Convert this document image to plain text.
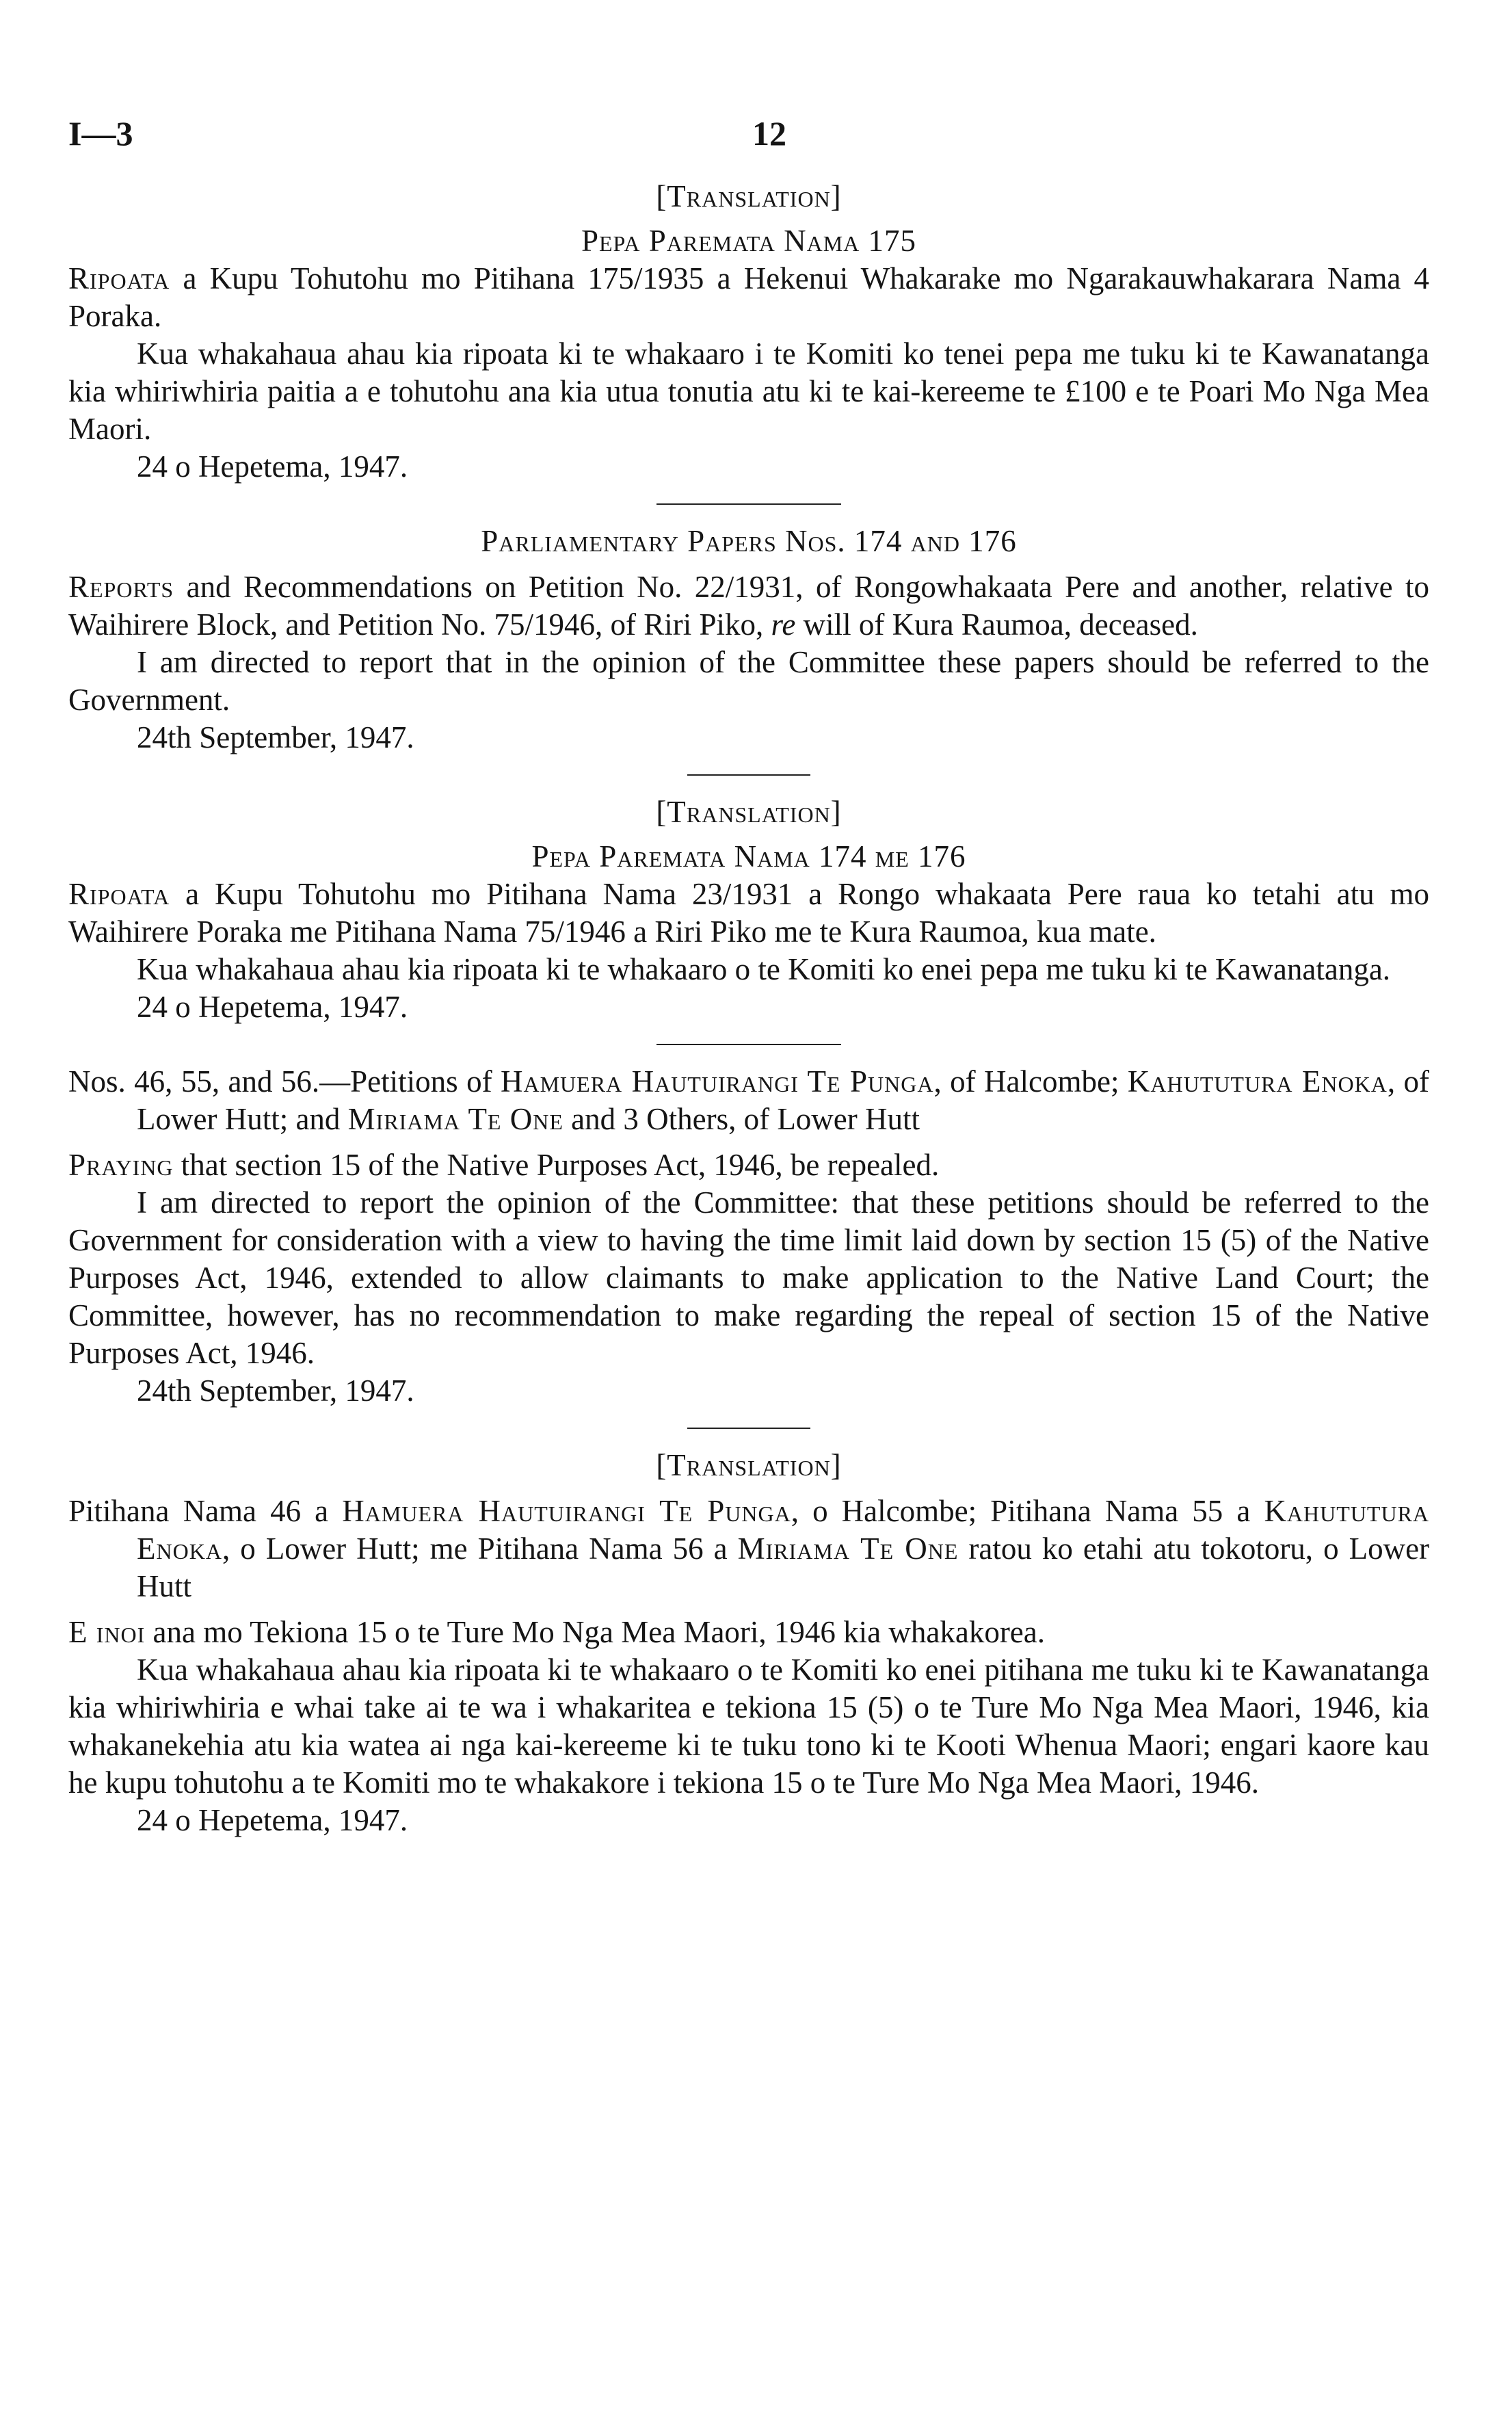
I—3	12
[Translation]
Pepa Paremata Nama 175

Ripoata a Kupu Tohutohu mo Pitihana 175/1935 a Hekenui Whakarake mo Ngarakauwhakarara Nama 4 Poraka.

Kua whakahaua ahau kia ripoata ki te whakaaro i te Komiti ko tenei pepa me tuku ki te Kawanatanga kia whiriwhiria paitia a e tohutohu ana kia utua tonutia atu ki te kai-kereeme te £100 e te Poari Mo Nga Mea Maori.

24 o Hepetema, 1947.

Parliamentary Papers Nos. 174 and 176

Reports and Recommendations on Petition No. 22/1931, of Rongowhakaata Pere and another, relative to Waihirere Block, and Petition No. 75/1946, of Riri Piko, re will of Kura Raumoa, deceased.

I am directed to report that in the opinion of the Committee these papers should be referred to the Government.

24th September, 1947.

[Translation]
Pepa Paremata Nama 174 me 176

Ripoata a Kupu Tohutohu mo Pitihana Nama 23/1931 a Rongo whakaata Pere raua ko tetahi atu mo Waihirere Poraka me Pitihana Nama 75/1946 a Riri Piko me te Kura Raumoa, kua mate.

Kua whakahaua ahau kia ripoata ki te whakaaro o te Komiti ko enei pepa me tuku ki te Kawanatanga.

24 o Hepetema, 1947.

Nos. 46, 55, and 56.—Petitions of Hamuera Hautuirangi Te Punga, of Halcombe; Kahututura Enoka, of Lower Hutt; and Miriama Te One and 3 Others, of Lower Hutt

Praying that section 15 of the Native Purposes Act, 1946, be repealed.

I am directed to report the opinion of the Committee: that these petitions should be referred to the Government for consideration with a view to having the time limit laid down by section 15 (5) of the Native Purposes Act, 1946, extended to allow claimants to make application to the Native Land Court; the Committee, however, has no recommendation to make regarding the repeal of section 15 of the Native Purposes Act, 1946.

24th September, 1947.

[Translation]

Pitihana Nama 46 a Hamuera Hautuirangi Te Punga, o Halcombe; Pitihana Nama 55 a Kahututura Enoka, o Lower Hutt; me Pitihana Nama 56 a Miriama Te One ratou ko etahi atu tokotoru, o Lower Hutt

E inoi ana mo Tekiona 15 o te Ture Mo Nga Mea Maori, 1946 kia whakakorea.

Kua whakahaua ahau kia ripoata ki te whakaaro o te Komiti ko enei pitihana me tuku ki te Kawanatanga kia whiriwhiria e whai take ai te wa i whakaritea e tekiona 15 (5) o te Ture Mo Nga Mea Maori, 1946, kia whakanekehia atu kia watea ai nga kai-kereeme ki te tuku tono ki te Kooti Whenua Maori; engari kaore kau he kupu tohutohu a te Komiti mo te whakakore i tekiona 15 o te Ture Mo Nga Mea Maori, 1946.

24 o Hepetema, 1947.
